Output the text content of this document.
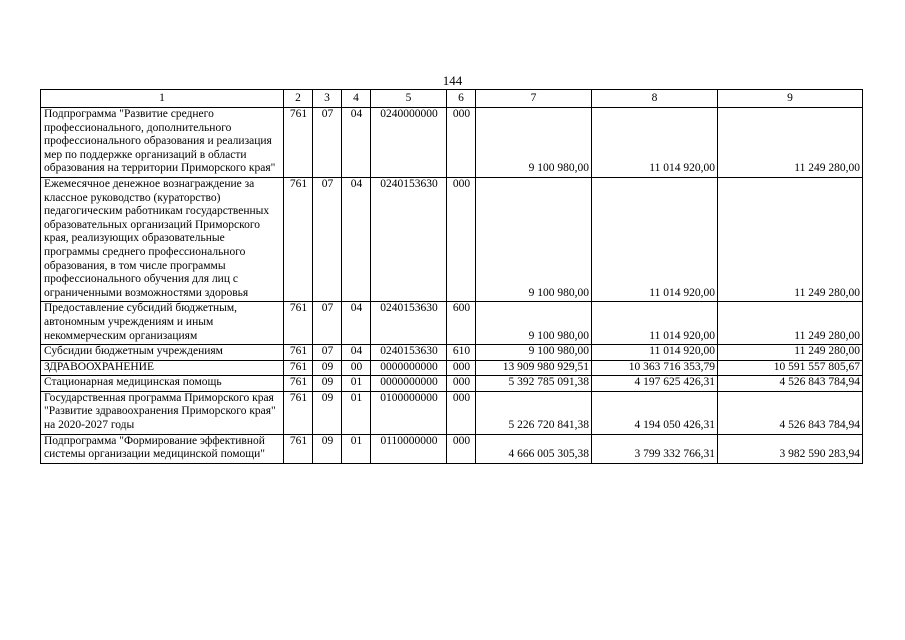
144
1	2	3	4	5	6	7	8	9
Подпрограмма "Развитие среднего профессионального, дополнительного профессионального образования и реализация мер по поддержке организаций в области образования на территории Приморского края"	761	07	04	0240000000	000	9 100 980,00	11 014 920,00	11 249 280,00
Ежемесячное денежное вознаграждение за классное руководство (кураторство) педагогическим работникам государственных образовательных организаций Приморского края, реализующих образовательные программы среднего профессионального образования, в том числе программы профессионального обучения для лиц с ограниченными возможностями здоровья	761	07	04	0240153630	000	9 100 980,00	11 014 920,00	11 249 280,00
Предоставление субсидий бюджетным, автономным учреждениям и иным некоммерческим организациям	761	07	04	0240153630	600	9 100 980,00	11 014 920,00	11 249 280,00
Субсидии бюджетным учреждениям	761	07	04	0240153630	610	9 100 980,00	11 014 920,00	11 249 280,00
ЗДРАВООХРАНЕНИЕ	761	09	00	0000000000	000	13 909 980 929,51	10 363 716 353,79	10 591 557 805,67
Стационарная медицинская помощь	761	09	01	0000000000	000	5 392 785 091,38	4 197 625 426,31	4 526 843 784,94
Государственная программа Приморского края "Развитие здравоохранения Приморского края" на 2020-2027 годы	761	09	01	0100000000	000	5 226 720 841,38	4 194 050 426,31	4 526 843 784,94
Подпрограмма "Формирование эффективной системы организации медицинской помощи"	761	09	01	0110000000	000	4 666 005 305,38	3 799 332 766,31	3 982 590 283,94
